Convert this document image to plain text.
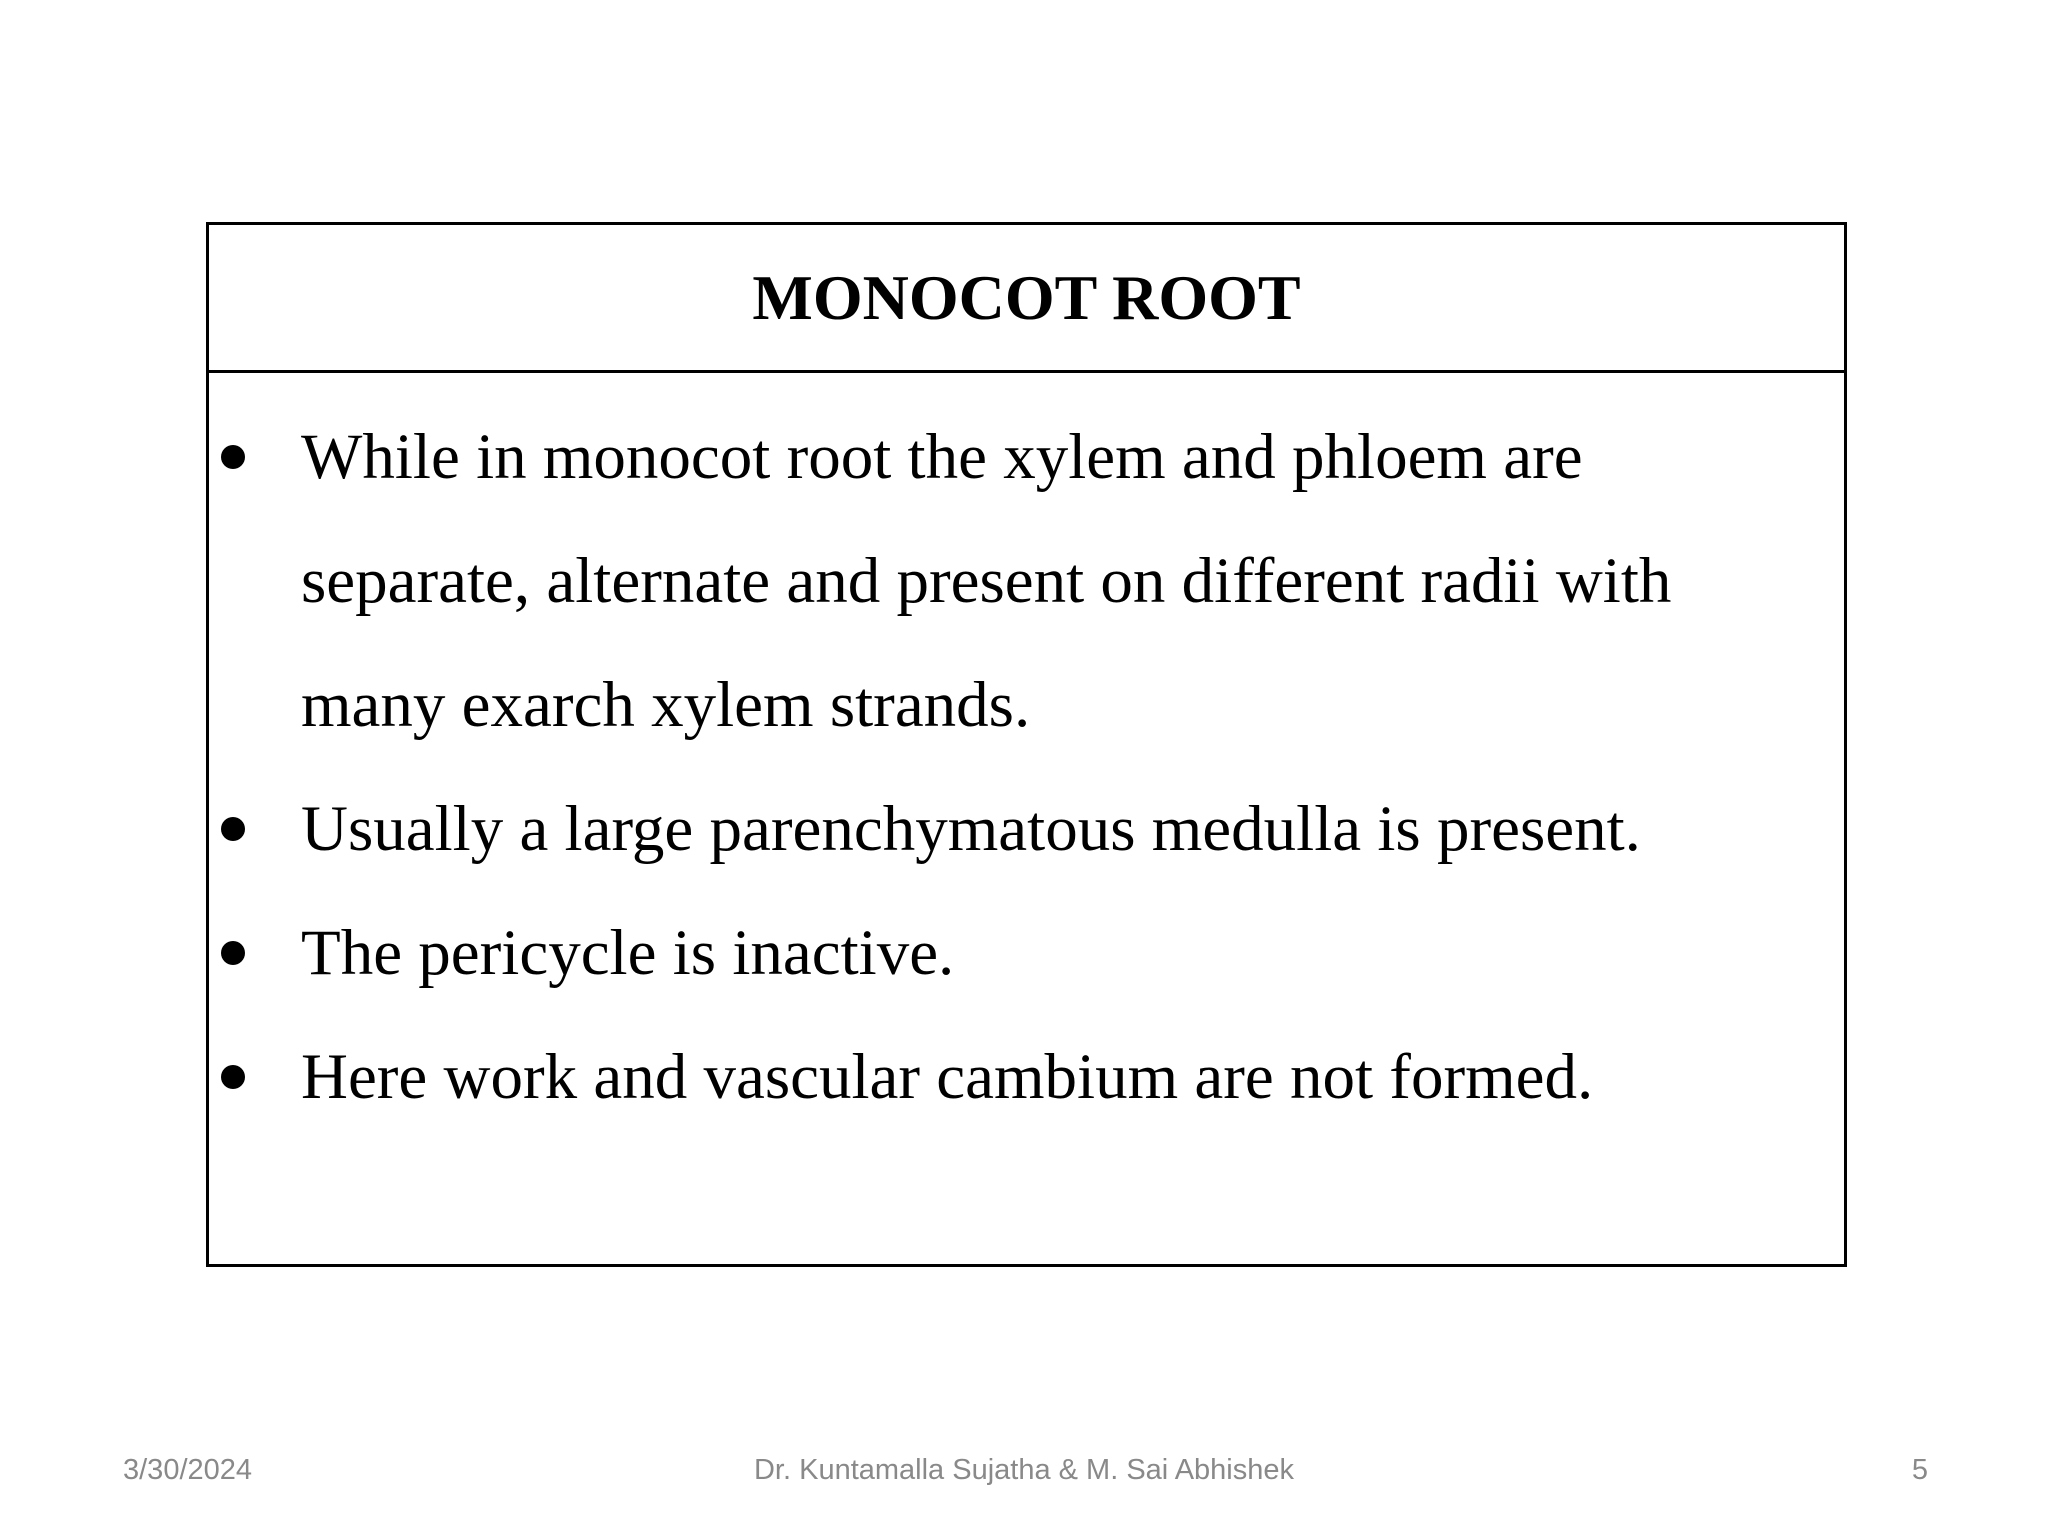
MONOCOT ROOT
While in monocot root the xylem and phloem are separate, alternate and present on different radii with many exarch xylem strands.
Usually a large parenchymatous medulla is present.
The pericycle is inactive.
Here work and vascular cambium are not formed.
Dr. Kuntamalla Sujatha & M. Sai Abhishek
3/30/2024	5
